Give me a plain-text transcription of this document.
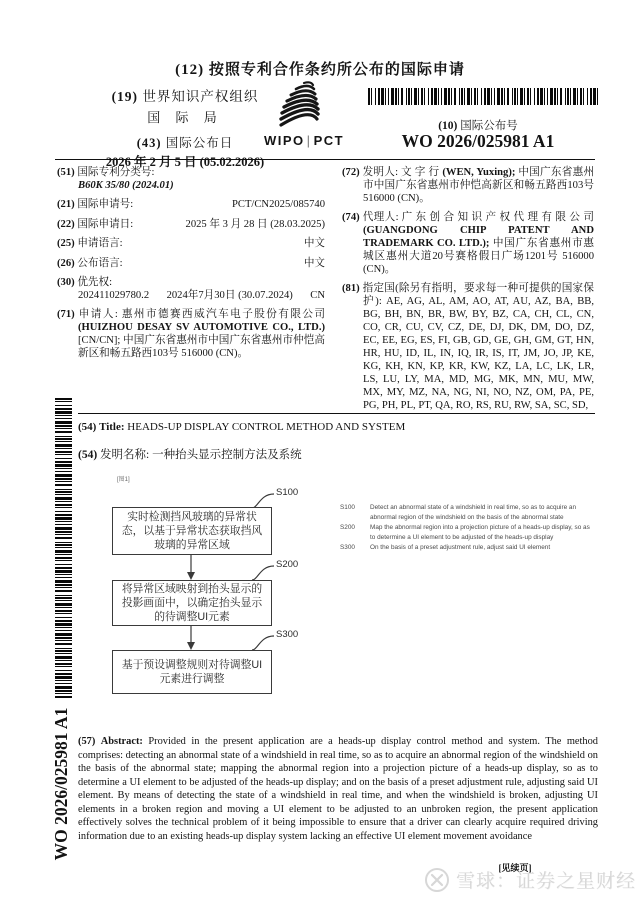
(12) 按照专利合作条约所公布的国际申请
(19) 世界知识产权组织
国 际 局
(43) 国际公布日
2026 年 2 月 5 日 (05.02.2026)
WIPO | PCT
(10) 国际公布号
WO 2026/025981 A1
(51) 国际专利分类号:
B60K 35/80 (2024.01)
(21) 国际申请号:	PCT/CN2025/085740
(22) 国际申请日:	2025 年 3 月 28 日 (28.03.2025)
(25) 申请语言:	中文
(26) 公布语言:	中文
(30) 优先权:
202411029780.2 2024年7月30日 (30.07.2024) CN
(71) 申请人: 惠州市德赛西威汽车电子股份有限公司(HUIZHOU DESAY SV AUTOMOTIVE CO., LTD.) [CN/CN]; 中国广东省惠州市中国广东省惠州市仲恺高新区和畅五路西103号 516000 (CN)。
(72) 发明人: 文 字 行 (WEN, Yuxing); 中国广东省惠州市中国广东省惠州市仲恺高新区和畅五路西103号 516000 (CN)。
(74) 代理人: 广 东 创 合 知 识 产 权 代 理 有 限 公 司 (GUANGDONG CHIP PATENT AND TRADEMARK CO. LTD.); 中国广东省惠州市惠城区惠州大道20号赛格假日广场1201号 516000 (CN)。
(81) 指定国(除另有指明，要求每一种可提供的国家保护): AE, AG, AL, AM, AO, AT, AU, AZ, BA, BB, BG, BH, BN, BR, BW, BY, BZ, CA, CH, CL, CN, CO, CR, CU, CV, CZ, DE, DJ, DK, DM, DO, DZ, EC, EE, EG, ES, FI, GB, GD, GE, GH, GM, GT, HN, HR, HU, ID, IL, IN, IQ, IR, IS, IT, JM, JO, JP, KE, KG, KH, KN, KP, KR, KW, KZ, LA, LC, LK, LR, LS, LU, LY, MA, MD, MG, MK, MN, MU, MW, MX, MY, MZ, NA, NG, NI, NO, NZ, OM, PA, PE, PG, PH, PL, PT, QA, RO, RS, RU, RW, SA, SC, SD,
(54) Title: HEADS-UP DISPLAY CONTROL METHOD AND SYSTEM
(54) 发明名称: 一种抬头显示控制方法及系统
[图1]
实时检测挡风玻璃的异常状态，以基于异常状态获取挡风玻璃的异常区域
将异常区域映射到抬头显示的投影画面中，以确定抬头显示的待调整UI元素
基于预设调整规则对待调整UI元素进行调整
S100
S200
S300
S100	Detect an abnormal state of a windshield in real time, so as to acquire an abnormal region of the windshield on the basis of the abnormal state
S200	Map the abnormal region into a projection picture of a heads-up display, so as to determine a UI element to be adjusted of the heads-up display
S300	On the basis of a preset adjustment rule, adjust said UI element
(57) Abstract: Provided in the present application are a heads-up display control method and system. The method comprises: detecting an abnormal state of a windshield in real time, so as to acquire an abnormal region of the windshield on the basis of the abnormal state; mapping the abnormal region into a projection picture of a heads-up display, so as to determine a UI element to be adjusted of the heads-up display; and on the basis of a preset adjustment rule, adjusting said UI element. By means of detecting the state of a windshield in real time, and when the windshield is broken, adjusting UI elements in a broken region and moving a UI element to be adjusted to an unbroken region, the present application effectively solves the technical problem of it being impossible to ensure that a driver can clearly acquire required driving information due to an existing heads-up display system lacking an effective UI element movement avoidance
[见续页]
WO 2026/025981 A1
雪球：证券之星财经
